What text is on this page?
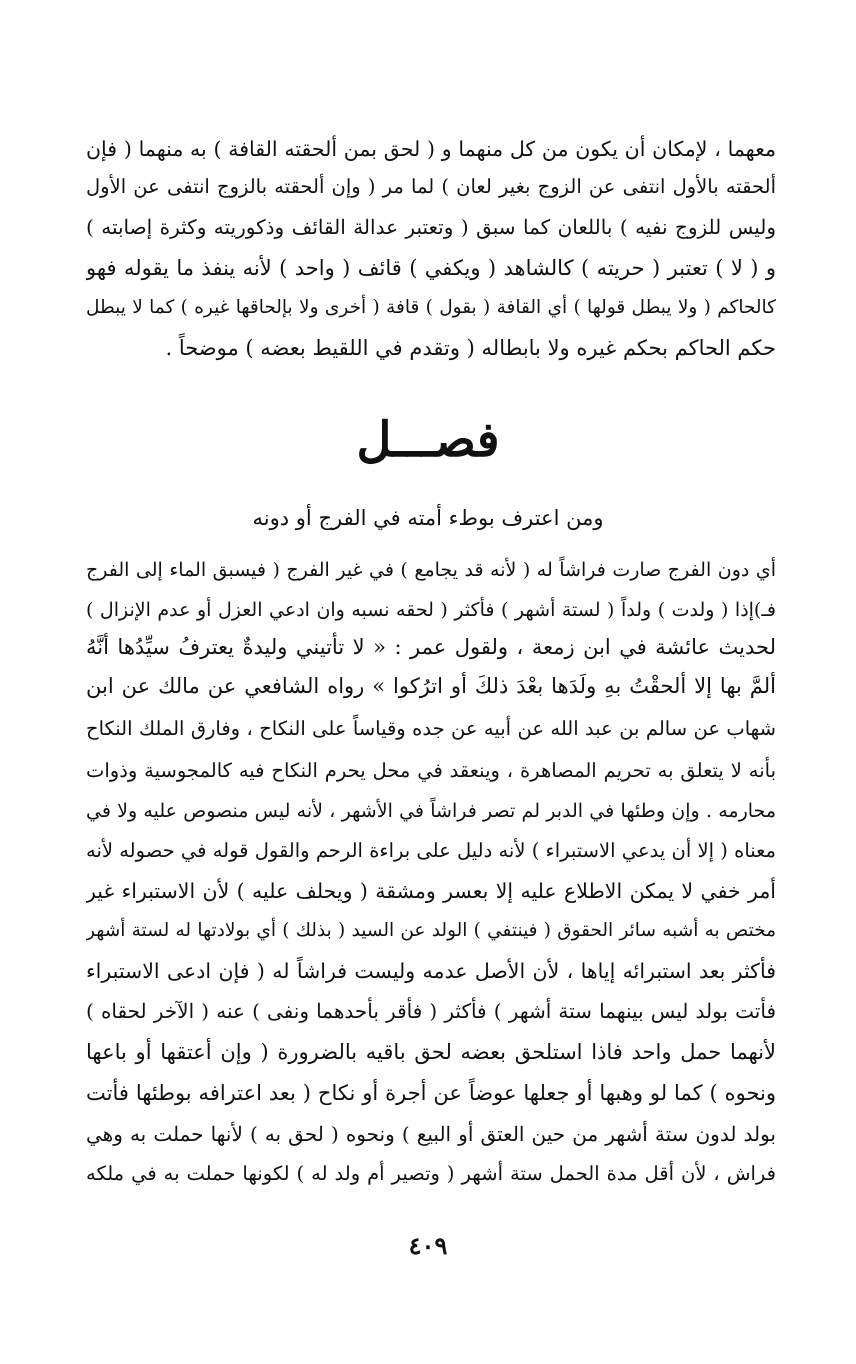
معهما ، لإمكان أن يكون من كل منهما و ( لحق بمن ألحقته القافة ) به منهما ( فإن
ألحقته بالأول انتفى عن الزوج بغير لعان ) لما مر ( وإن ألحقته بالزوج انتفى عن الأول
وليس للزوج نفيه ) باللعان كما سبق ( وتعتبر عدالة القائف وذكوريته وكثرة إصابته )
و ( لا ) تعتبر ( حريته ) كالشاهد ( ويكفي ) قائف ( واحد ) لأنه ينفذ ما يقوله فهو
كالحاكم ( ولا يبطل قولها ) أي القافة ( بقول ) قافة ( أخرى ولا بإلحاقها غيره ) كما لا يبطل
حكم الحاكم بحكم غيره ولا بابطاله ( وتقدم في اللقيط بعضه ) موضحاً .
فصـــل
ومن اعترف بوطء أمته في الفرج أو دونه
أي دون الفرج صارت فراشاً له ( لأنه قد يجامع ) في غير الفرج ( فيسبق الماء إلى الفرج
فـ)إذا ( ولدت ) ولداً ( لستة أشهر ) فأكثر ( لحقه نسبه وان ادعي العزل أو عدم الإنزال )
لحديث عائشة في ابن زمعة ، ولقول عمر : « لا تأتيني وليدةٌ يعترفُ سيِّدُها أنَّهُ
ألمَّ بها إلا ألحقْتُ بهِ ولَدَها بعْدَ ذلكَ أو اترُكوا » رواه الشافعي عن مالك عن ابن
شهاب عن سالم بن عبد الله عن أبيه عن جده وقياساً على النكاح ، وفارق الملك النكاح
بأنه لا يتعلق به تحريم المصاهرة ، وينعقد في محل يحرم النكاح فيه كالمجوسية وذوات
محارمه . وإن وطئها في الدبر لم تصر فراشاً في الأشهر ، لأنه ليس منصوص عليه ولا في
معناه ( إلا أن يدعي الاستبراء ) لأنه دليل على براءة الرحم والقول قوله في حصوله لأنه
أمر خفي لا يمكن الاطلاع عليه إلا بعسر ومشقة ( ويحلف عليه ) لأن الاستبراء غير
مختص به أشبه سائر الحقوق ( فينتفي ) الولد عن السيد ( بذلك ) أي بولادتها له لستة أشهر
فأكثر بعد استبرائه إياها ، لأن الأصل عدمه وليست فراشاً له ( فإن ادعى الاستبراء
فأتت بولد ليس بينهما ستة أشهر ) فأكثر ( فأقر بأحدهما ونفى ) عنه ( الآخر لحقاه )
لأنهما حمل واحد فاذا استلحق بعضه لحق باقيه بالضرورة ( وإن أعتقها أو باعها
ونحوه ) كما لو وهبها أو جعلها عوضاً عن أجرة أو نكاح ( بعد اعترافه بوطئها فأتت
بولد لدون ستة أشهر من حين العتق أو البيع ) ونحوه ( لحق به ) لأنها حملت به وهي
فراش ، لأن أقل مدة الحمل ستة أشهر ( وتصير أم ولد له ) لكونها حملت به في ملكه
٤٠٩
